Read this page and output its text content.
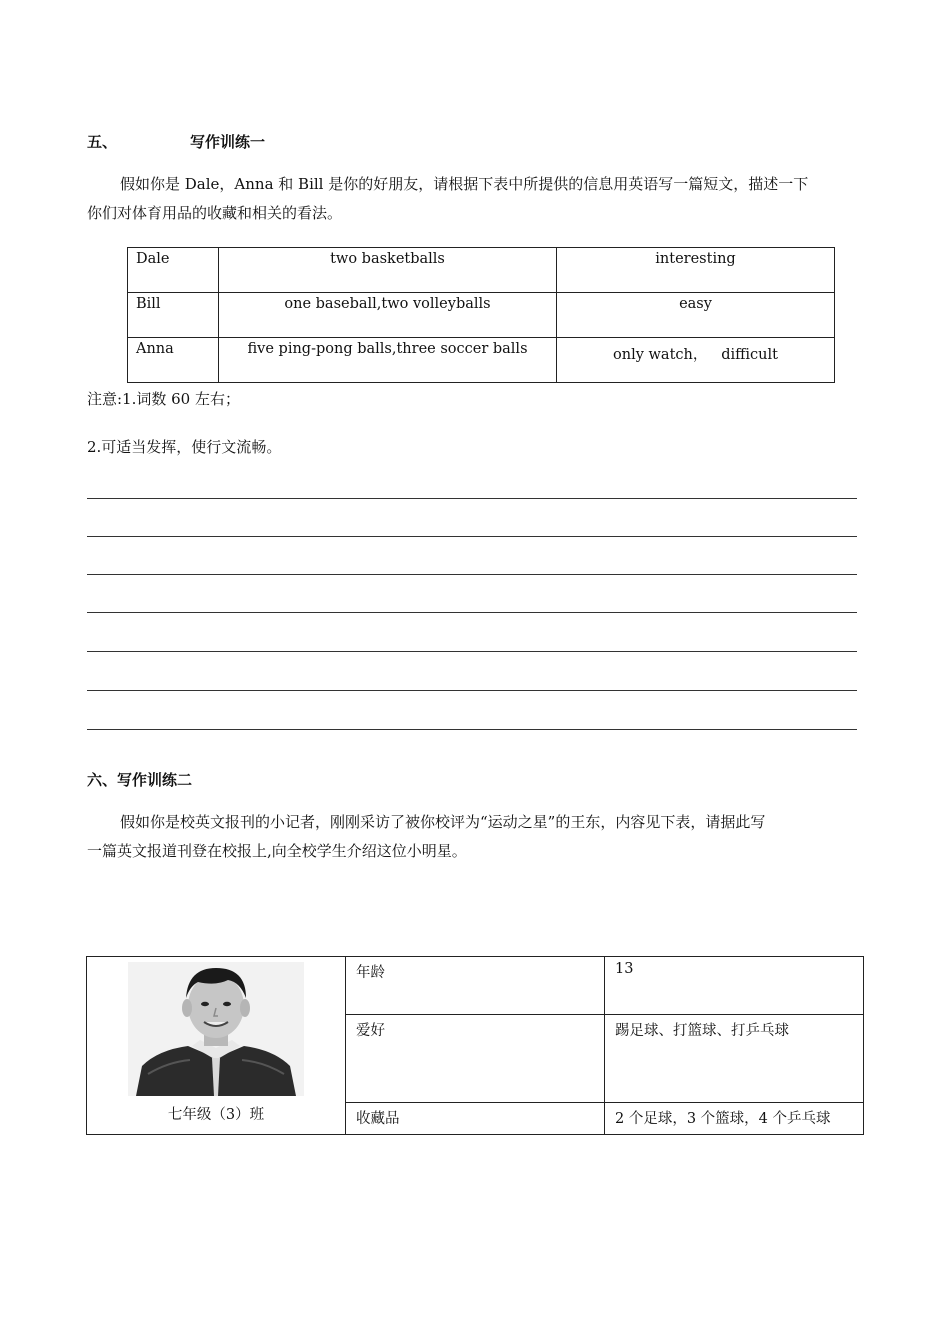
五、	写作训练一
假如你是 Dale，Anna 和 Bill 是你的好朋友，请根据下表中所提供的信息用英语写一篇短文，描述一下
你们对体育用品的收藏和相关的看法。
Dale	two basketballs	interesting
Bill	one baseball,two volleyballs	easy
Anna	five ping-pong balls,three soccer balls	only watch，   difficult
注意:1.词数 60 左右；
2.可适当发挥，使行文流畅。
六、写作训练二
假如你是校英文报刊的小记者，刚刚采访了被你校评为“运动之星”的王东，内容见下表，请据此写
一篇英文报道刊登在校报上,向全校学生介绍这位小明星。
七年级（3）班	年龄	13
	爱好	踢足球、打篮球、打乒乓球
	收藏品	2 个足球，3 个篮球，4 个乒乓球
